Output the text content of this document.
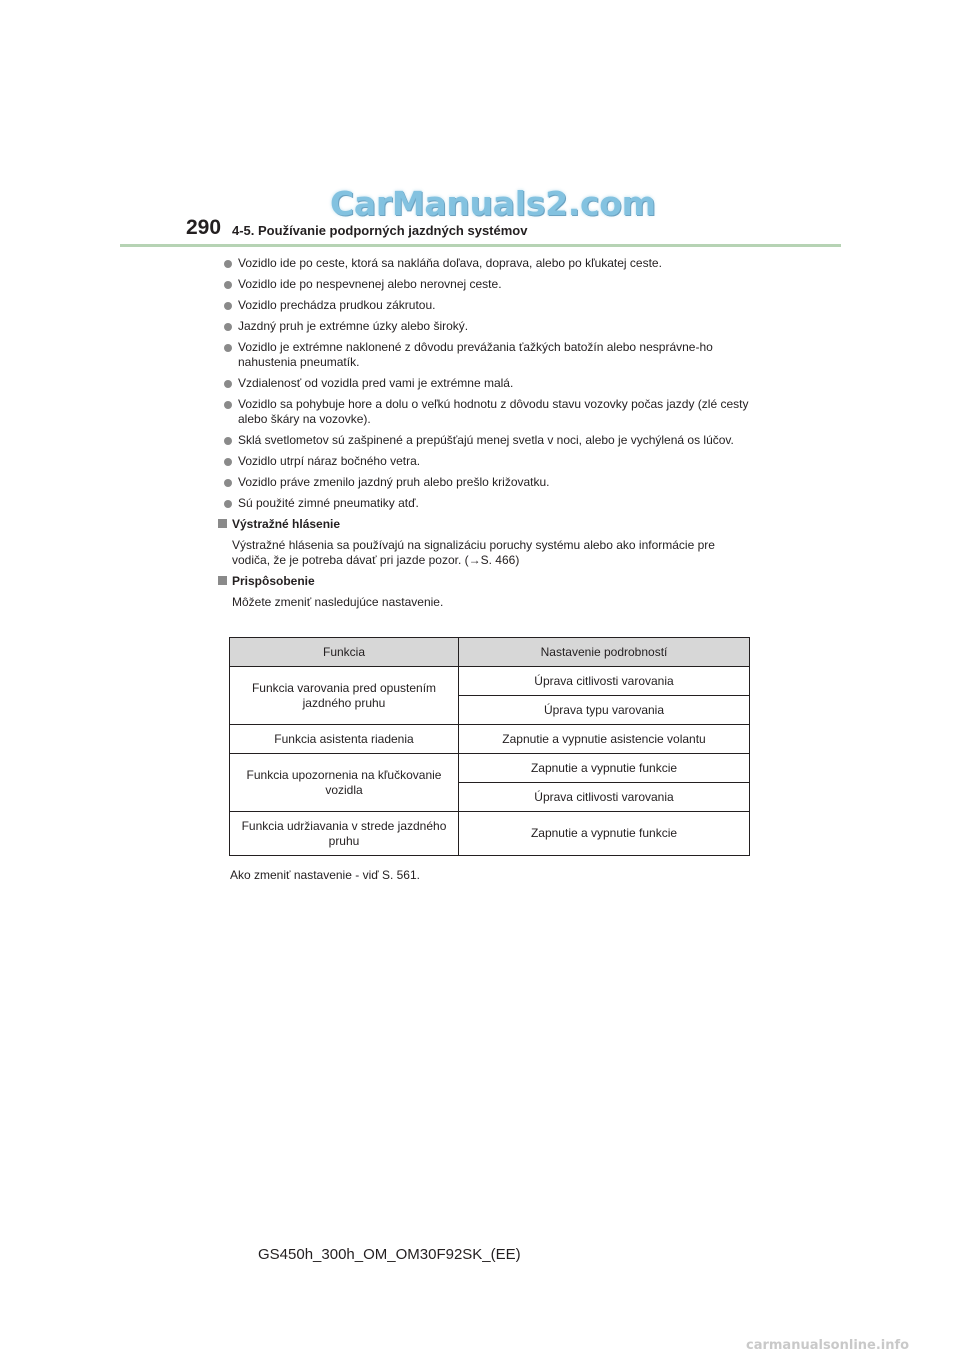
CarManuals2.com
290 4-5. Používanie podporných jazdných systémov
Vozidlo ide po ceste, ktorá sa nakláňa doľava, doprava, alebo po kľukatej ceste.
Vozidlo ide po nespevnenej alebo nerovnej ceste.
Vozidlo prechádza prudkou zákrutou.
Jazdný pruh je extrémne úzky alebo široký.
Vozidlo je extrémne naklonené z dôvodu prevážania ťažkých batožín alebo nesprávne-ho nahustenia pneumatík.
Vzdialenosť od vozidla pred vami je extrémne malá.
Vozidlo sa pohybuje hore a dolu o veľkú hodnotu z dôvodu stavu vozovky počas jazdy (zlé cesty alebo škáry na vozovke).
Sklá svetlometov sú zašpinené a prepúšťajú menej svetla v noci, alebo je vychýlená os lúčov.
Vozidlo utrpí náraz bočného vetra.
Vozidlo práve zmenilo jazdný pruh alebo prešlo križovatku.
Sú použité zimné pneumatiky atď.
Výstražné hlásenie
Výstražné hlásenia sa používajú na signalizáciu poruchy systému alebo ako informácie pre vodiča, že je potreba dávať pri jazde pozor. (→S. 466)
Prispôsobenie
Môžete zmeniť nasledujúce nastavenie.
Funkcia	Nastavenie podrobností
Funkcia varovania pred opustením jazdného pruhu	Úprava citlivosti varovania
	Úprava typu varovania
Funkcia asistenta riadenia	Zapnutie a vypnutie asistencie volantu
Funkcia upozornenia na kľučkovanie vozidla	Zapnutie a vypnutie funkcie
	Úprava citlivosti varovania
Funkcia udržiavania v strede jazdného pruhu	Zapnutie a vypnutie funkcie
Ako zmeniť nastavenie - viď S. 561.
GS450h_300h_OM_OM30F92SK_(EE)
carmanualsonline.info
